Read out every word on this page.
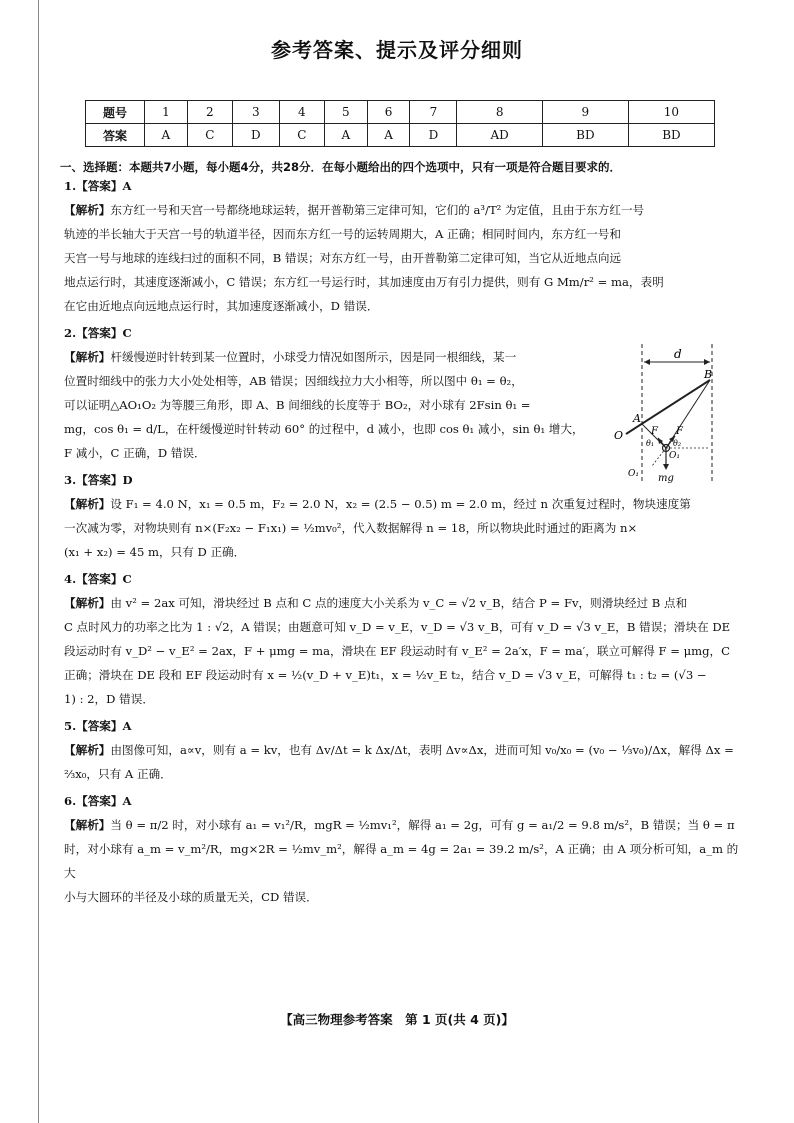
参考答案、提示及评分细则
题号	1	2	3	4	5	6	7	8	9	10
答案	A	C	D	C	A	A	D	AD	BD	BD

一、选择题：本题共7小题，每小题4分，共28分．在每小题给出的四个选项中，只有一项是符合题目要求的．

1.【答案】A

【解析】东方红一号和天宫一号都绕地球运转，据开普勒第三定律可知，它们的 a³/T² 为定值，且由于东方红一号
轨迹的半长轴大于天宫一号的轨道半径，因而东方红一号的运转周期大，A 正确；相同时间内，东方红一号和
天宫一号与地球的连线扫过的面积不同，B 错误；对东方红一号，由开普勒第二定律可知，当它从近地点向远
地点运行时，其速度逐渐减小，C 错误；东方红一号运行时，其加速度由万有引力提供，则有 G Mm/r² = ma，表明
在它由近地点向远地点运行时，其加速度逐渐减小，D 错误．

2.【答案】C

【解析】杆缓慢逆时针转到某一位置时，小球受力情况如图所示，因是同一根细线，某一
位置时细线中的张力大小处处相等，AB 错误；因细线拉力大小相等，所以图中 θ₁ = θ₂，
可以证明△AO₁O₂ 为等腰三角形，即 A、B 间细线的长度等于 BO₂，对小球有 2Fsin θ₁ =
mg，cos θ₁ = d/L，在杆缓慢逆时针转动 60° 的过程中，d 减小，也即 cos θ₁ 减小，sin θ₁ 增大，
F 减小，C 正确，D 错误．

3.【答案】D

【解析】设 F₁ = 4.0 N，x₁ = 0.5 m，F₂ = 2.0 N，x₂ = (2.5 − 0.5) m = 2.0 m，经过 n 次重复过程时，物块速度第
一次减为零，对物块则有 n×(F₂x₂ − F₁x₁) = ½mv₀²，代入数据解得 n = 18，所以物块此时通过的距离为 n×
(x₁ + x₂) = 45 m，只有 D 正确．

4.【答案】C

【解析】由 v² = 2ax 可知，滑块经过 B 点和 C 点的速度大小关系为 v_C = √2 v_B，结合 P = Fv，则滑块经过 B 点和
C 点时风力的功率之比为 1 : √2，A 错误；由题意可知 v_D = v_E，v_D = √3 v_B，可有 v_D = √3 v_E，B 错误；滑块在 DE
段运动时有 v_D² − v_E² = 2ax，F + μmg = ma，滑块在 EF 段运动时有 v_E² = 2a′x，F = ma′，联立可解得 F = μmg，C
正确；滑块在 DE 段和 EF 段运动时有 x = ½(v_D + v_E)t₁，x = ½v_E t₂，结合 v_D = √3 v_E，可解得 t₁ : t₂ = (√3 −
1) : 2，D 错误．

5.【答案】A

【解析】由图像可知，a∝v，则有 a = kv，也有 Δv/Δt = k Δx/Δt，表明 Δv∝Δx，进而可知 v₀/x₀ = (v₀ − ⅓v₀)/Δx，解得 Δx =
⅔x₀，只有 A 正确．

6.【答案】A

【解析】当 θ = π/2 时，对小球有 a₁ = v₁²/R，mgR = ½mv₁²，解得 a₁ = 2g，可有 g = a₁/2 = 9.8 m/s²，B 错误；当 θ = π
时，对小球有 a_m = v_m²/R，mg×2R = ½mv_m²，解得 a_m = 4g = 2a₁ = 39.2 m/s²，A 正确；由 A 项分析可知，a_m 的大
小与大圆环的半径及小球的质量无关，CD 错误．

d
B
A
O	F F
θ₁ θ₂
O₁
O₁ mg
【高三物理参考答案　第 1 页(共 4 页)】
